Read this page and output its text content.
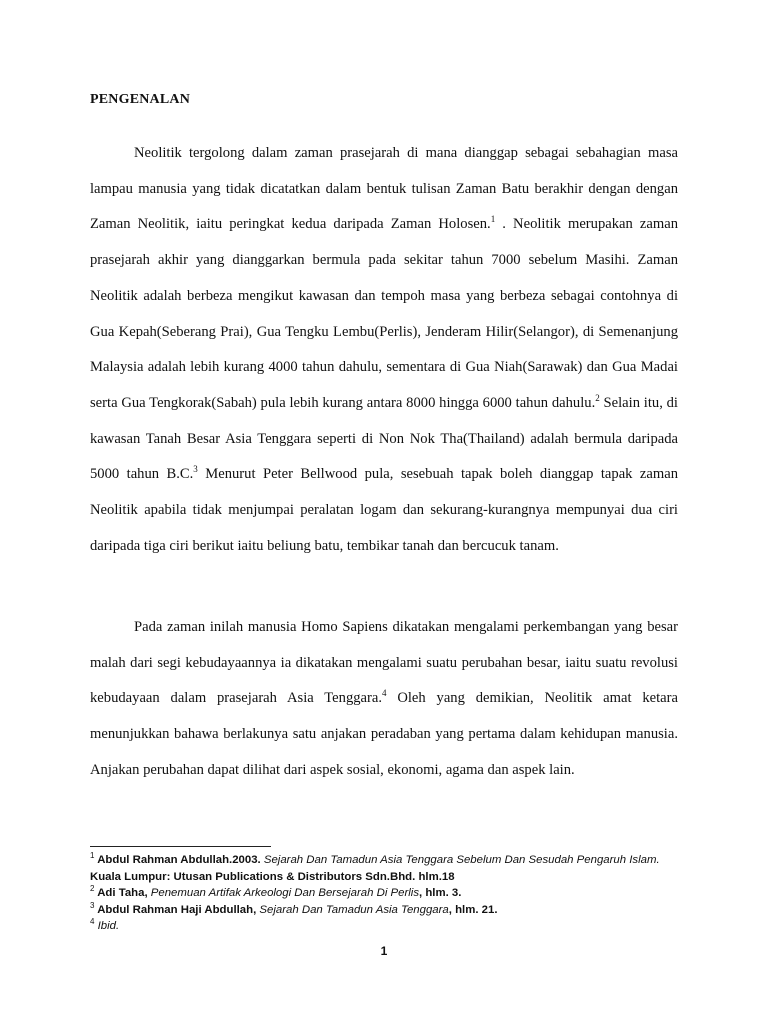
PENGENALAN

Neolitik tergolong dalam zaman prasejarah di mana dianggap sebagai sebahagian masa lampau manusia yang tidak dicatatkan dalam bentuk tulisan Zaman Batu berakhir dengan dengan Zaman Neolitik, iaitu peringkat kedua daripada Zaman Holosen.$^1$ . Neolitik merupakan zaman prasejarah akhir yang dianggarkan bermula pada sekitar tahun 7000 sebelum Masihi. Zaman Neolitik adalah berbeza mengikut kawasan dan tempoh masa yang berbeza sebagai contohnya di Gua Kepah(Seberang Prai), Gua Tengku Lembu(Perlis), Jenderam Hilir(Selangor), di Semenanjung Malaysia adalah lebih kurang 4000 tahun dahulu, sementara di Gua Niah(Sarawak) dan Gua Madai serta Gua Tengkorak(Sabah) pula lebih kurang antara 8000 hingga 6000 tahun dahulu.$^2$ Selain itu, di kawasan Tanah Besar Asia Tenggara seperti di Non Nok Tha(Thailand) adalah bermula daripada 5000 tahun B.C.$^3$ Menurut Peter Bellwood pula, sesebuah tapak boleh dianggap tapak zaman Neolitik apabila tidak menjumpai peralatan logam dan sekurang-kurangnya mempunyai dua ciri daripada tiga ciri berikut iaitu beliung batu, tembikar tanah dan bercucuk tanam.

Pada zaman inilah manusia Homo Sapiens dikatakan mengalami perkembangan yang besar malah dari segi kebudayaannya ia dikatakan mengalami suatu perubahan besar, iaitu suatu revolusi kebudayaan dalam prasejarah Asia Tenggara.$^4$ Oleh yang demikian, Neolitik amat ketara menunjukkan bahawa berlakunya satu anjakan peradaban yang pertama dalam kehidupan manusia. Anjakan perubahan dapat dilihat dari aspek sosial, ekonomi, agama dan aspek lain.

$^1$ Abdul Rahman Abdullah.2003. Sejarah Dan Tamadun Asia Tenggara Sebelum Dan Sesudah Pengaruh Islam. Kuala Lumpur: Utusan Publications & Distributors Sdn.Bhd. hlm.18

$^2$ Adi Taha, Penemuan Artifak Arkeologi Dan Bersejarah Di Perlis, hlm. 3.

$^3$ Abdul Rahman Haji Abdullah, Sejarah Dan Tamadun Asia Tenggara, hlm. 21.

$^4$ Ibid.

1
